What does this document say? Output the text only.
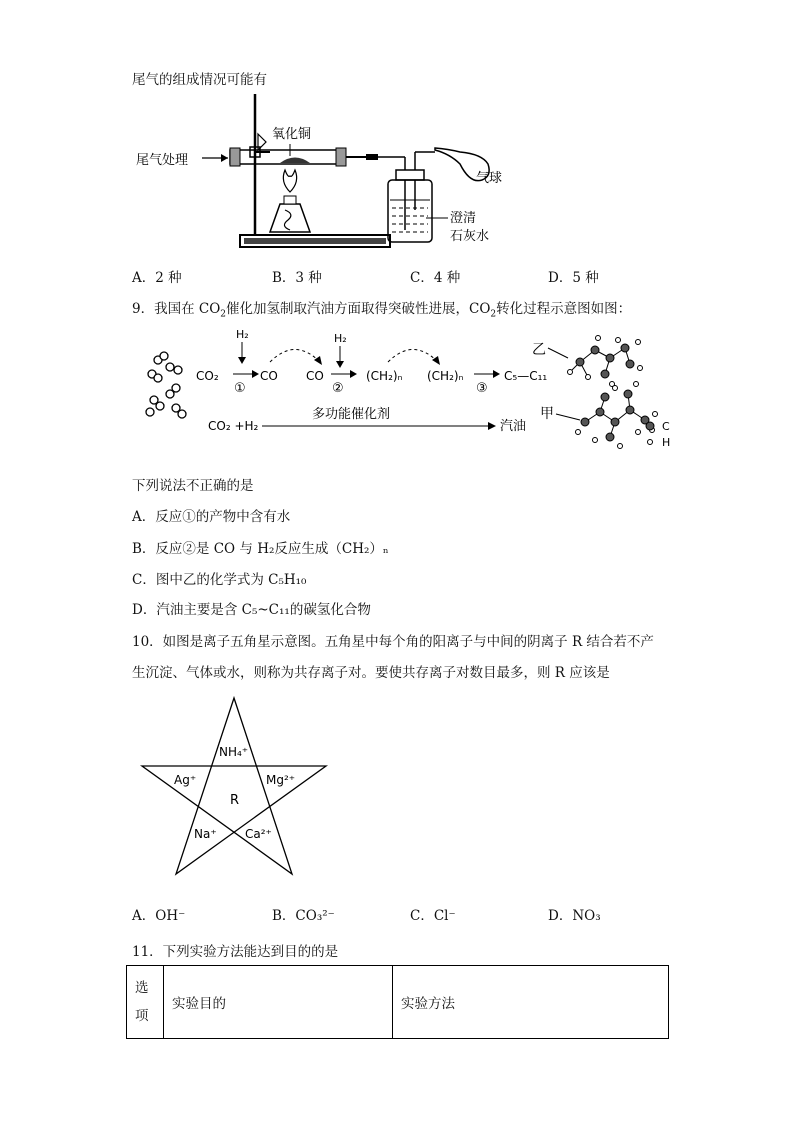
尾气的组成情况可能有
氧化铜
尾气处理
气球
澄清
石灰水
A．2 种	B．3 种	C．4 种	D．5 种
9．我国在 $CO_2$催化加氢制取汽油方面取得突破性进展，$CO_2$转化过程示意图如图：
CO₂
H₂
①
CO CO
H₂
②
(CH₂)ₙ (CH₂)ₙ
③
C₅—C₁₁
CO₂ +H₂
多功能催化剂
汽油
乙
甲
C
H
下列说法不正确的是
A．反应①的产物中含有水
B．反应②是 CO 与 H₂反应生成（CH₂）ₙ
C．图中乙的化学式为 C₅H₁₀
D．汽油主要是含 C₅~C₁₁的碳氢化合物
10．如图是离子五角星示意图。五角星中每个角的阳离子与中间的阴离子 R 结合若不产
生沉淀、气体或水，则称为共存离子对。要使共存离子对数目最多，则 R 应该是
NH₄⁺
Ag⁺	Mg²⁺
R
Na⁺ Ca²⁺
A．OH⁻	B．CO₃²⁻	C．Cl⁻	D．NO₃
11．下列实验方法能达到目的的是
选
项
	实验目的	实验方法
